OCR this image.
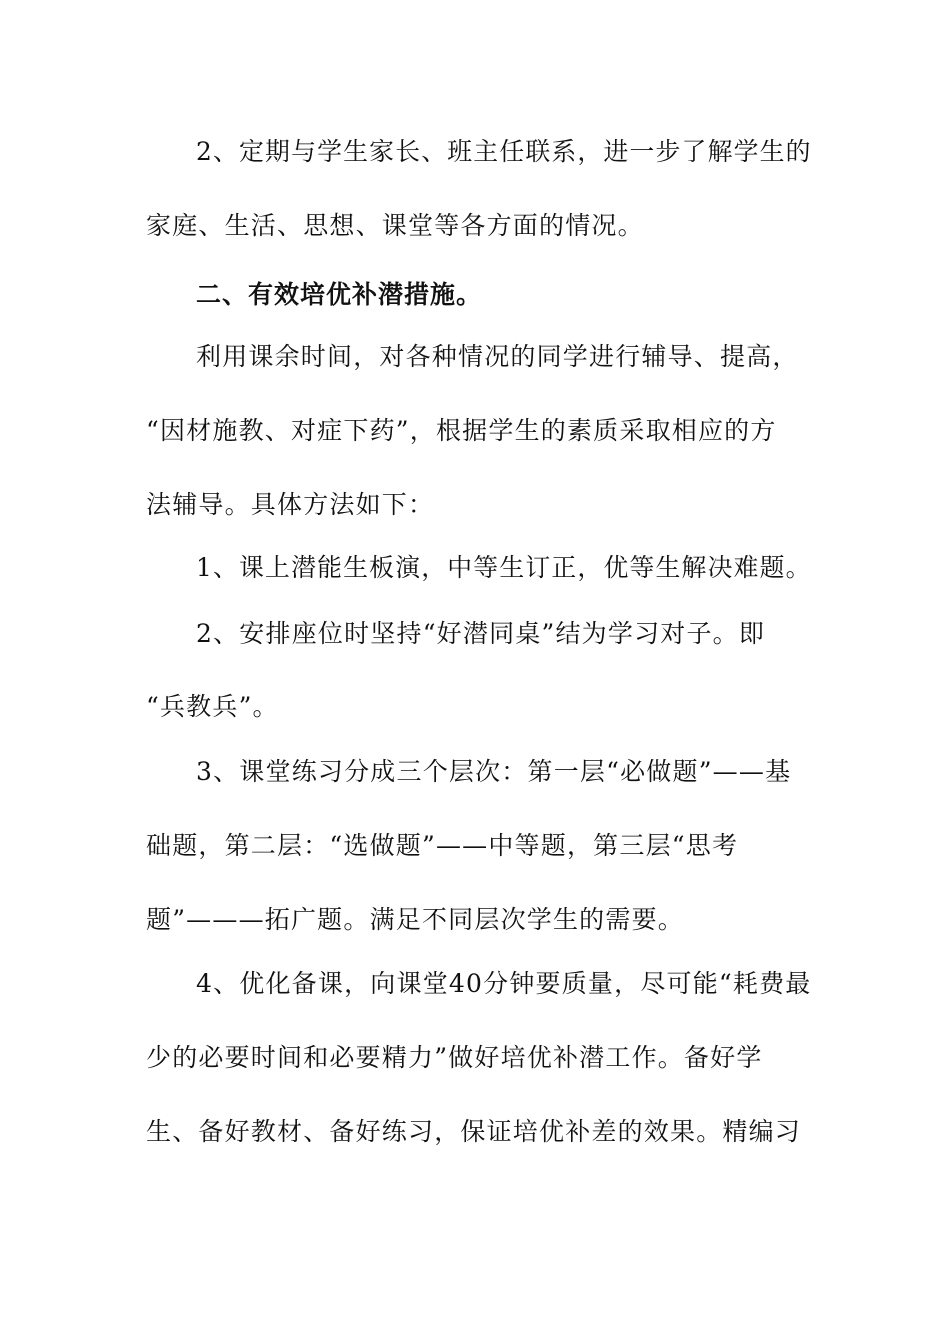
2、定期与学生家长、班主任联系，进一步了解学生的
家庭、生活、思想、课堂等各方面的情况。
二、有效培优补潜措施。
利用课余时间，对各种情况的同学进行辅导、提高，
“因材施教、对症下药”，根据学生的素质采取相应的方
法辅导。具体方法如下：
1、课上潜能生板演，中等生订正，优等生解决难题。
2、安排座位时坚持“好潜同桌”结为学习对子。即
“兵教兵”。
3、课堂练习分成三个层次：第一层“必做题”——基
础题，第二层：“选做题”——中等题，第三层“思考
题”———拓广题。满足不同层次学生的需要。
4、优化备课，向课堂40分钟要质量，尽可能“耗费最
少的必要时间和必要精力”做好培优补潜工作。备好学
生、备好教材、备好练习，保证培优补差的效果。精编习
